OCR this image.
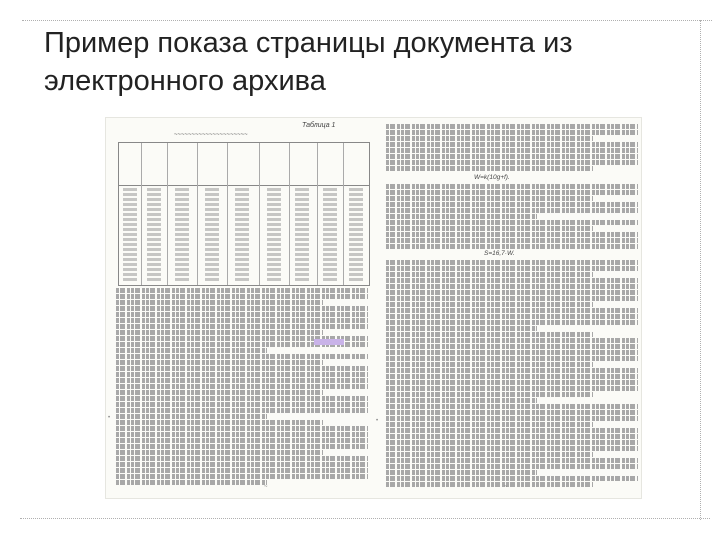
Пример показа страницы документа из электронного архива
Таблица 1
~~~~~~~~~~~~~~~~~~~~~
•
~
W=k(10g+f).
S=16,7·W.
•
~
